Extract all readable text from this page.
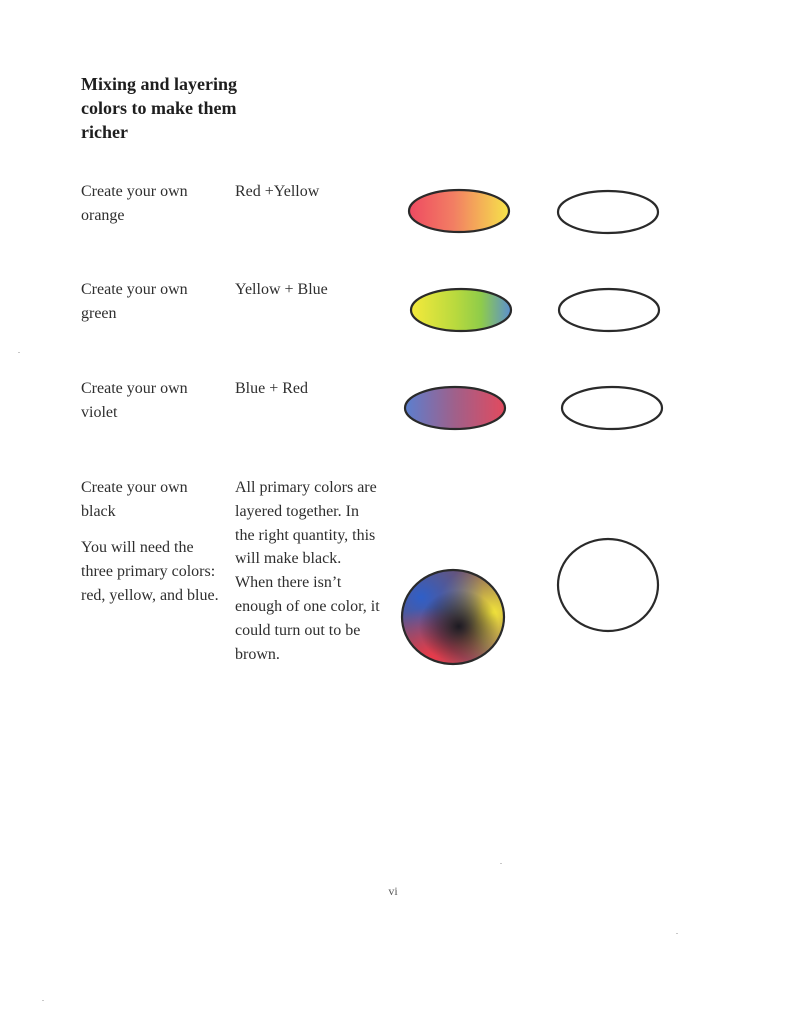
Mixing and layering colors to make them richer
Create your own orange
Red +Yellow
Create your own green
Yellow + Blue
Create your own violet
Blue + Red
Create your own black
All primary colors are layered together. In the right quantity, this will make black. When there isn’t enough of one color, it could turn out to be brown.
You will need the three primary colors: red, yellow, and blue.
vi
